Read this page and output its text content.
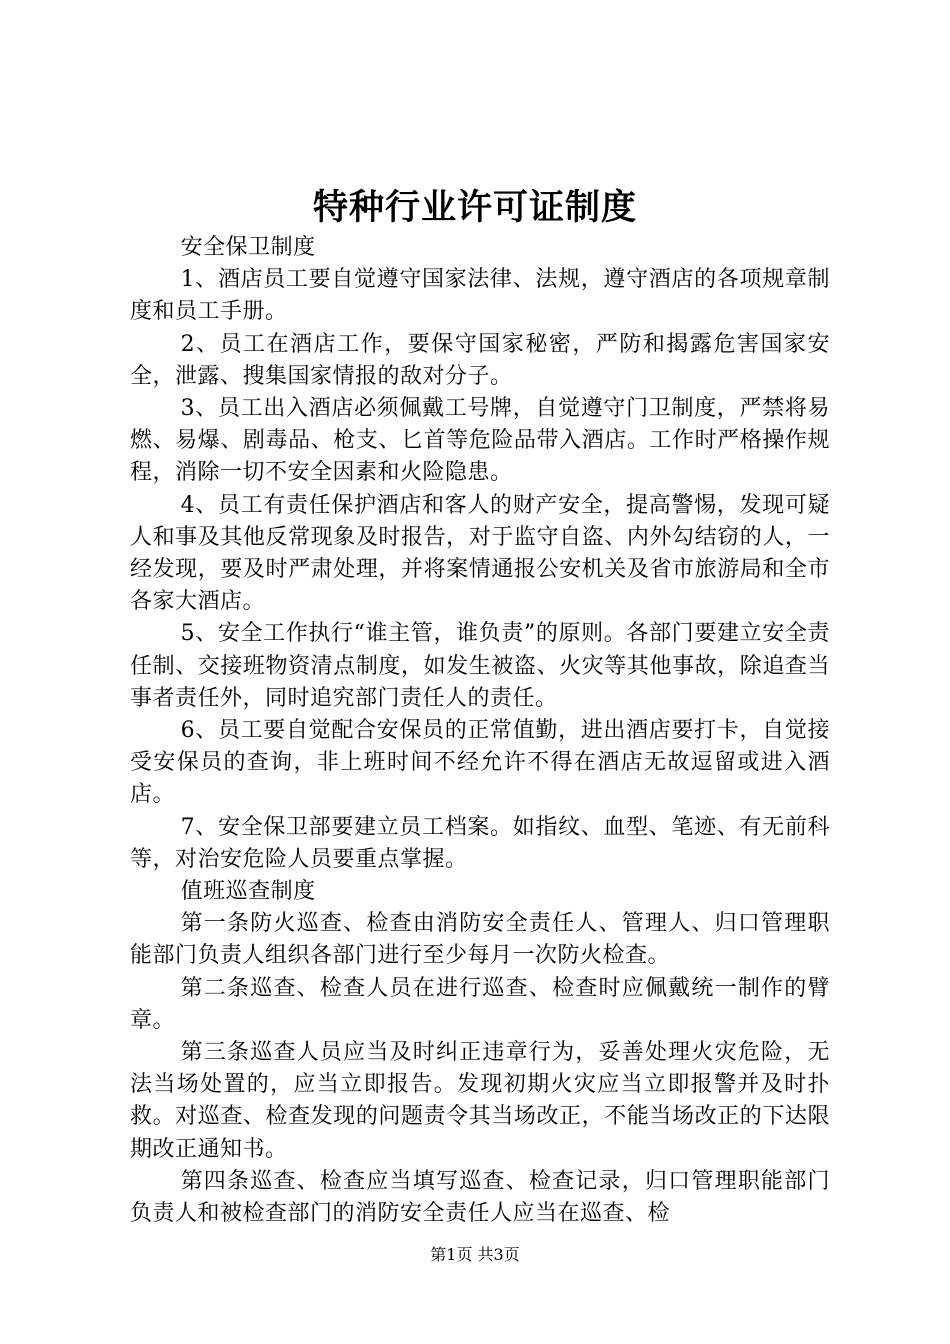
特种行业许可证制度

安全保卫制度

1、酒店员工要自觉遵守国家法律、法规，遵守酒店的各项规章制度和员工手册。

2、员工在酒店工作，要保守国家秘密，严防和揭露危害国家安全，泄露、搜集国家情报的敌对分子。

3、员工出入酒店必须佩戴工号牌，自觉遵守门卫制度，严禁将易燃、易爆、剧毒品、枪支、匕首等危险品带入酒店。工作时严格操作规程，消除一切不安全因素和火险隐患。

4、员工有责任保护酒店和客人的财产安全，提高警惕，发现可疑人和事及其他反常现象及时报告，对于监守自盗、内外勾结窃的人，一经发现，要及时严肃处理，并将案情通报公安机关及省市旅游局和全市各家大酒店。

5、安全工作执行“谁主管，谁负责”的原则。各部门要建立安全责任制、交接班物资清点制度，如发生被盗、火灾等其他事故，除追查当事者责任外，同时追究部门责任人的责任。

6、员工要自觉配合安保员的正常值勤，进出酒店要打卡，自觉接受安保员的查询，非上班时间不经允许不得在酒店无故逗留或进入酒店。

7、安全保卫部要建立员工档案。如指纹、血型、笔迹、有无前科等，对治安危险人员要重点掌握。

值班巡查制度

第一条防火巡查、检查由消防安全责任人、管理人、归口管理职能部门负责人组织各部门进行至少每月一次防火检查。

第二条巡查、检查人员在进行巡查、检查时应佩戴统一制作的臂章。

第三条巡查人员应当及时纠正违章行为，妥善处理火灾危险，无法当场处置的，应当立即报告。发现初期火灾应当立即报警并及时扑救。对巡查、检查发现的问题责令其当场改正，不能当场改正的下达限期改正通知书。

第四条巡查、检查应当填写巡查、检查记录，归口管理职能部门负责人和被检查部门的消防安全责任人应当在巡查、检

第1页 共3页
